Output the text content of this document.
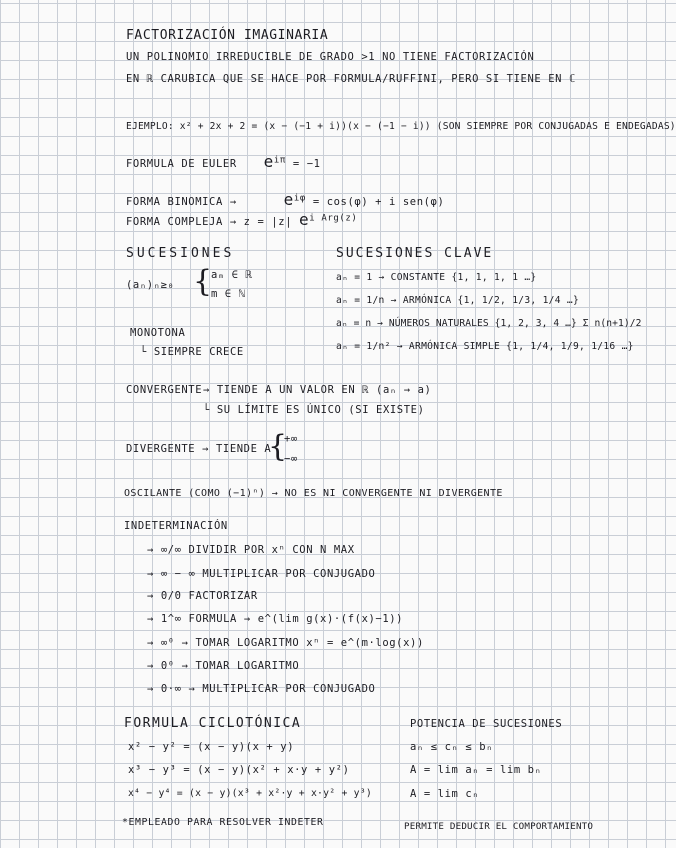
FACTORIZACIÓN IMAGINARIA
UN POLINOMIO IRREDUCIBLE DE GRADO >1 NO TIENE FACTORIZACIÓN
EN ℝ CARUBICA QUE SE HACE POR FORMULA/RUFFINI, PERO SI TIENE EN ℂ
EJEMPLO: x² + 2x + 2 = (x − (−1 + i))(x − (−1 − i)) (SON SIEMPRE POR CONJUGADAS E ENDEGADAS)
FORMULA DE EULER eiπ = −1
FORMA BINOMICA →	eiφ = cos(φ) + i sen(φ)
FORMA COMPLEJA → z = |z| ei Arg(z)
SUCESIONES
(aₙ)ₙ≥₀ {
aₘ ∈ ℝ
m ∈ ℕ
MONOTONA
└ SIEMPRE CRECE
SUCESIONES CLAVE
aₙ = 1 → CONSTANTE {1, 1, 1, 1 …}
aₙ = 1/n → ARMÓNICA {1, 1/2, 1/3, 1/4 …}
aₙ = n → NÚMEROS NATURALES {1, 2, 3, 4 …} Σ n(n+1)/2
aₙ = 1/n² → ARMÓNICA SIMPLE {1, 1/4, 1/9, 1/16 …}
CONVERGENTE → TIENDE A UN VALOR EN ℝ (aₙ → a)
└ SU LÍMITE ES ÚNICO (SI EXISTE)
DIVERGENTE → TIENDE A
{
+∞
−∞
OSCILANTE (COMO (−1)ⁿ) → NO ES NI CONVERGENTE NI DIVERGENTE
INDETERMINACIÓN
→ ∞/∞ DIVIDIR POR xⁿ CON N MAX
→ ∞ − ∞ MULTIPLICAR POR CONJUGADO
→ 0/0 FACTORIZAR
→ 1^∞ FORMULA → e^(lim g(x)·(f(x)−1))
→ ∞⁰ → TOMAR LOGARITMO xⁿ = e^(m·log(x))
→ 0⁰ → TOMAR LOGARITMO
→ 0·∞ → MULTIPLICAR POR CONJUGADO
FORMULA CICLOTÓNICA
x² − y² = (x − y)(x + y)
x³ − y³ = (x − y)(x² + x·y + y²)
x⁴ − y⁴ = (x − y)(x³ + x²·y + x·y² + y³)
POTENCIA DE SUCESIONES
aₙ ≤ cₙ ≤ bₙ
A = lim aₙ = lim bₙ
A = lim cₙ
*EMPLEADO PARA RESOLVER INDETER	PERMITE DEDUCIR EL COMPORTAMIENTO
